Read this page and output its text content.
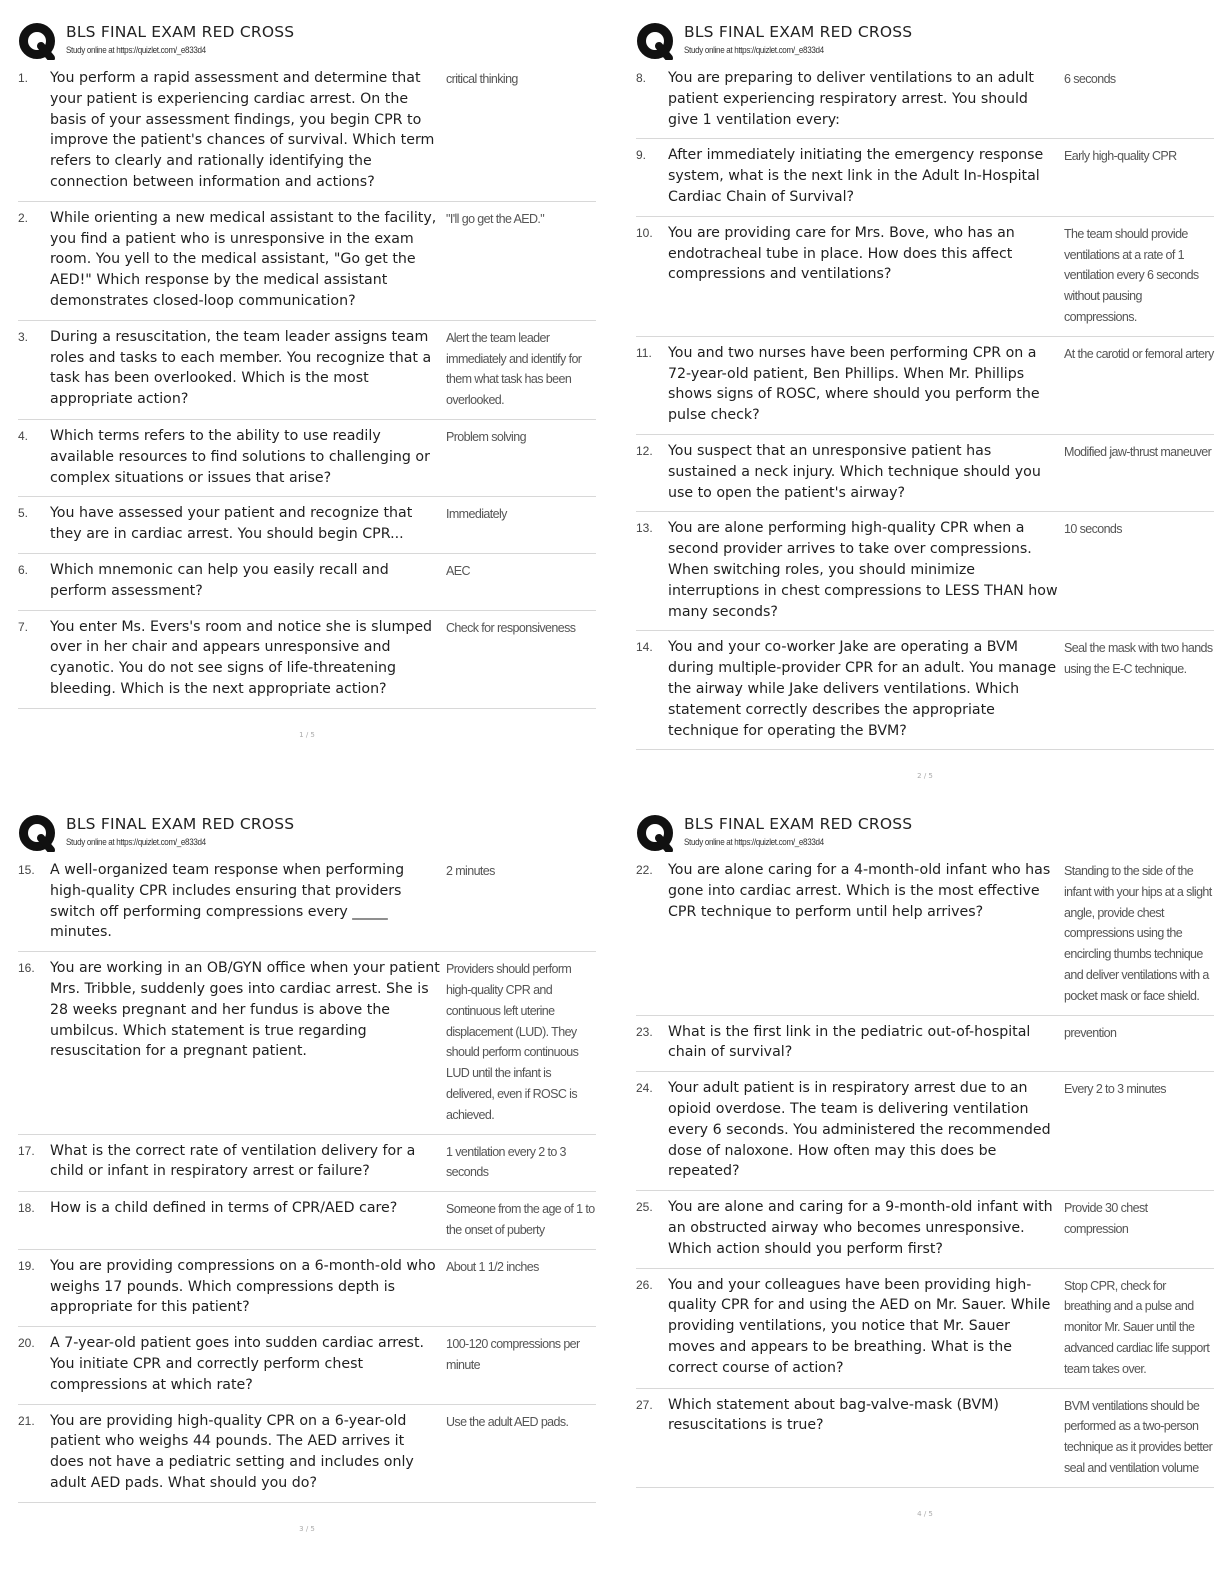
BLS FINAL EXAM RED CROSS
Study online at https://quizlet.com/_e833d4
1.	You perform a rapid assessment and determine that your patient is experiencing cardiac arrest. On the basis of your assessment findings, you begin CPR to improve the patient's chances of survival. Which term refers to clearly and rationally identifying the connection between information and actions?
critical thinking
2.	While orienting a new medical assistant to the facility, you find a patient who is unresponsive in the exam room. You yell to the medical assistant, "Go get the AED!" Which response by the medical assistant demonstrates closed-loop communication?
"I'll go get the AED."
3.	During a resuscitation, the team leader assigns team roles and tasks to each member. You recognize that a task has been overlooked. Which is the most appropriate action?
Alert the team leader immediately and identify for them what task has been overlooked.
4.	Which terms refers to the ability to use readily available resources to find solutions to challenging or complex situations or issues that arise?
Problem solving
5.	You have assessed your patient and recognize that they are in cardiac arrest. You should begin CPR...
Immediately
6.	Which mnemonic can help you easily recall and perform assessment?
AEC
7.	You enter Ms. Evers's room and notice she is slumped over in her chair and appears unresponsive and cyanotic. You do not see signs of life-threatening bleeding. Which is the next appropriate action?
Check for responsiveness
1 / 5
BLS FINAL EXAM RED CROSS
Study online at https://quizlet.com/_e833d4
8.	You are preparing to deliver ventilations to an adult patient experiencing respiratory arrest. You should give 1 ventilation every:
6 seconds
9.	After immediately initiating the emergency response system, what is the next link in the Adult In-Hospital Cardiac Chain of Survival?
Early high-quality CPR
10.	You are providing care for Mrs. Bove, who has an endotracheal tube in place. How does this affect compressions and ventilations?
The team should provide ventilations at a rate of 1 ventilation every 6 seconds without pausing compressions.
11.	You and two nurses have been performing CPR on a 72-year-old patient, Ben Phillips. When Mr. Phillips shows signs of ROSC, where should you perform the pulse check?
At the carotid or femoral artery
12.	You suspect that an unresponsive patient has sustained a neck injury. Which technique should you use to open the patient's airway?
Modified jaw-thrust maneuver
13.	You are alone performing high-quality CPR when a second provider arrives to take over compressions. When switching roles, you should minimize interruptions in chest compressions to LESS THAN how many seconds?
10 seconds
14.	You and your co-worker Jake are operating a BVM during multiple-provider CPR for an adult. You manage the airway while Jake delivers ventilations. Which statement correctly describes the appropriate technique for operating the BVM?
Seal the mask with two hands using the E-C technique.
2 / 5
BLS FINAL EXAM RED CROSS
Study online at https://quizlet.com/_e833d4
15.	A well-organized team response when performing high-quality CPR includes ensuring that providers switch off performing compressions every _____ minutes.
2 minutes
16.	You are working in an OB/GYN office when your patient Mrs. Tribble, suddenly goes into cardiac arrest. She is 28 weeks pregnant and her fundus is above the umbilcus. Which statement is true regarding resuscitation for a pregnant patient.
Providers should perform high-quality CPR and continuous left uterine displacement (LUD). They should perform continuous LUD until the infant is delivered, even if ROSC is achieved.
17.	What is the correct rate of ventilation delivery for a child or infant in respiratory arrest or failure?
1 ventilation every 2 to 3 seconds
18.	How is a child defined in terms of CPR/AED care?	Someone from the age of 1 to the onset of puberty
19.	You are providing compressions on a 6-month-old who weighs 17 pounds. Which compressions depth is appropriate for this patient?
About 1 1/2 inches
20.	A 7-year-old patient goes into sudden cardiac arrest. You initiate CPR and correctly perform chest compressions at which rate?
100-120 compressions per minute
21.	You are providing high-quality CPR on a 6-year-old patient who weighs 44 pounds. The AED arrives it does not have a pediatric setting and includes only adult AED pads. What should you do?
Use the adult AED pads.
3 / 5
BLS FINAL EXAM RED CROSS
Study online at https://quizlet.com/_e833d4
22.	You are alone caring for a 4-month-old infant who has gone into cardiac arrest. Which is the most effective CPR technique to perform until help arrives?
Standing to the side of the infant with your hips at a slight angle, provide chest compressions using the encircling thumbs technique and deliver ventilations with a pocket mask or face shield.
23.	What is the first link in the pediatric out-of-hospital chain of survival?
prevention
24.	Your adult patient is in respiratory arrest due to an opioid overdose. The team is delivering ventilation every 6 seconds. You administered the recommended dose of naloxone. How often may this does be repeated?
Every 2 to 3 minutes
25.	You are alone and caring for a 9-month-old infant with an obstructed airway who becomes unresponsive. Which action should you perform first?
Provide 30 chest compression
26.	You and your colleagues have been providing high-quality CPR for and using the AED on Mr. Sauer. While providing ventilations, you notice that Mr. Sauer moves and appears to be breathing. What is the correct course of action?
Stop CPR, check for breathing and a pulse and monitor Mr. Sauer until the advanced cardiac life support team takes over.
27.	Which statement about bag-valve-mask (BVM) resuscitations is true?
BVM ventilations should be performed as a two-person technique as it provides better seal and ventilation volume
4 / 5
